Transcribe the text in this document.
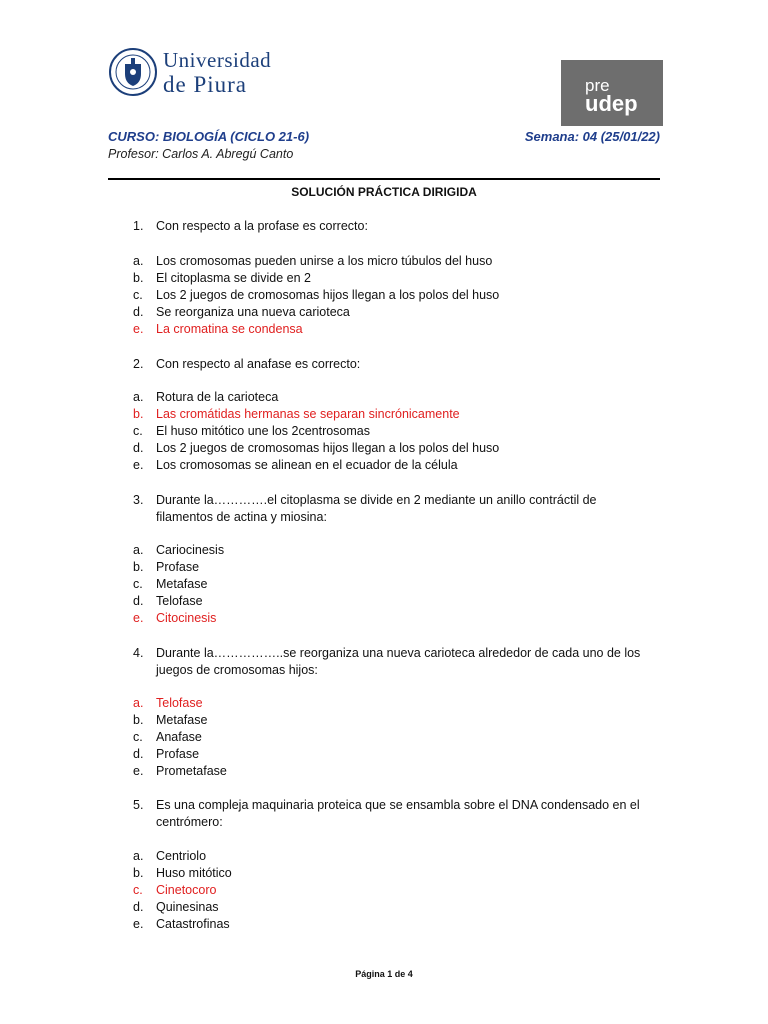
Universidad
de Piura	pre
udep
CURSO: BIOLOGÍA (CICLO 21-6)	Semana: 04 (25/01/22)
Profesor: Carlos A. Abregú Canto
SOLUCIÓN PRÁCTICA DIRIGIDA
1. Con respecto a la profase es correcto:
a. Los cromosomas pueden unirse a los micro túbulos del huso
b. El citoplasma se divide en 2
c. Los 2 juegos de cromosomas hijos llegan a los polos del huso
d. Se reorganiza una nueva carioteca
e. La cromatina se condensa
2. Con respecto al anafase es correcto:
a. Rotura de la carioteca
b. Las cromátidas hermanas se separan sincrónicamente
c. El huso mitótico une los 2centrosomas
d. Los 2 juegos de cromosomas hijos llegan a los polos del huso
e. Los cromosomas se alinean en el ecuador de la célula
3. Durante la………….el citoplasma se divide en 2 mediante un anillo contráctil de filamentos de actina y miosina:
a. Cariocinesis
b. Profase
c. Metafase
d. Telofase
e. Citocinesis
4. Durante la……………..se reorganiza una nueva carioteca alrededor de cada uno de los juegos de cromosomas hijos:
a. Telofase
b. Metafase
c. Anafase
d. Profase
e. Prometafase
5. Es una compleja maquinaria proteica que se ensambla sobre el DNA condensado en el centrómero:
a. Centriolo
b. Huso mitótico
c. Cinetocoro
d. Quinesinas
e. Catastrofinas
Página 1 de 4
